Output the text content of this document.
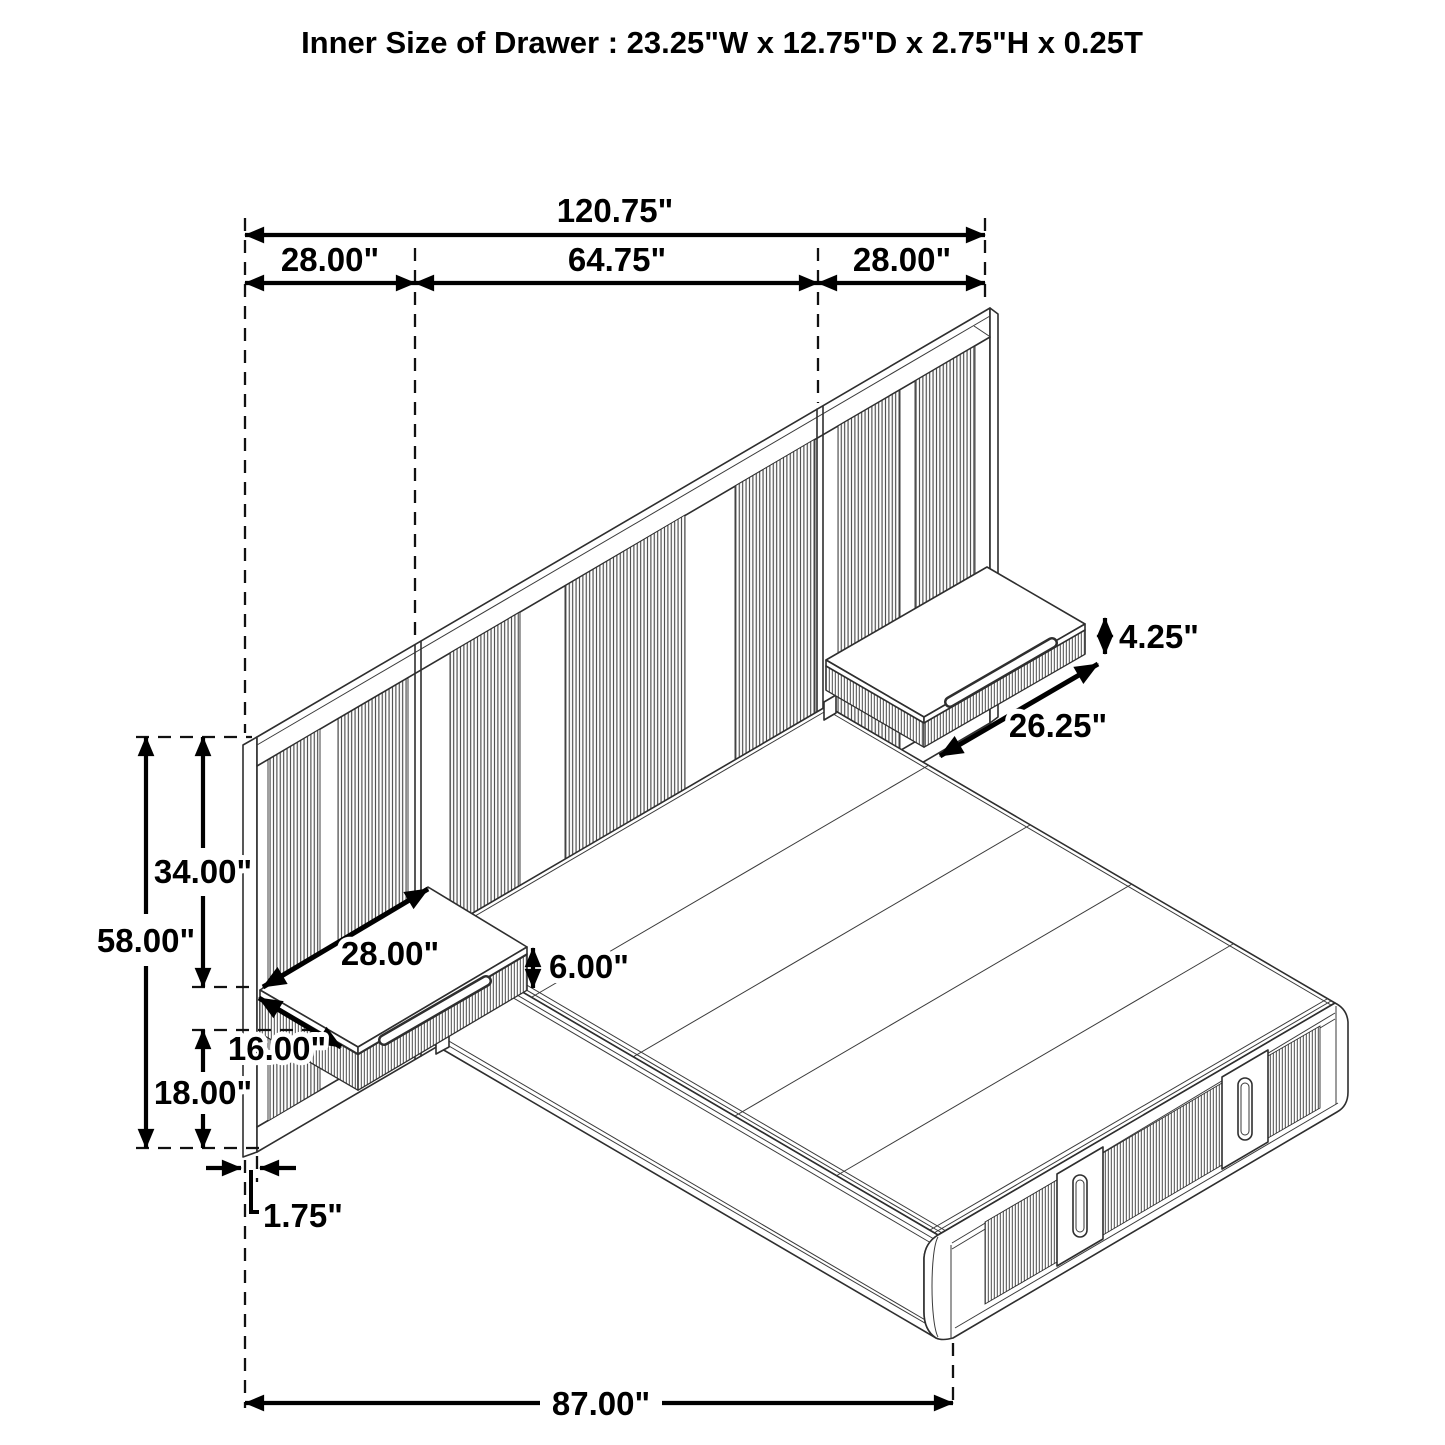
120.75"
28.00"	64.75"	28.00"
58.00"
34.00"
18.00"
1.75"
87.00"
28.00"
16.00"
6.00"
4.25"
26.25"
Inner Size of Drawer : 23.25"W x 12.75"D x 2.75"H x 0.25T
